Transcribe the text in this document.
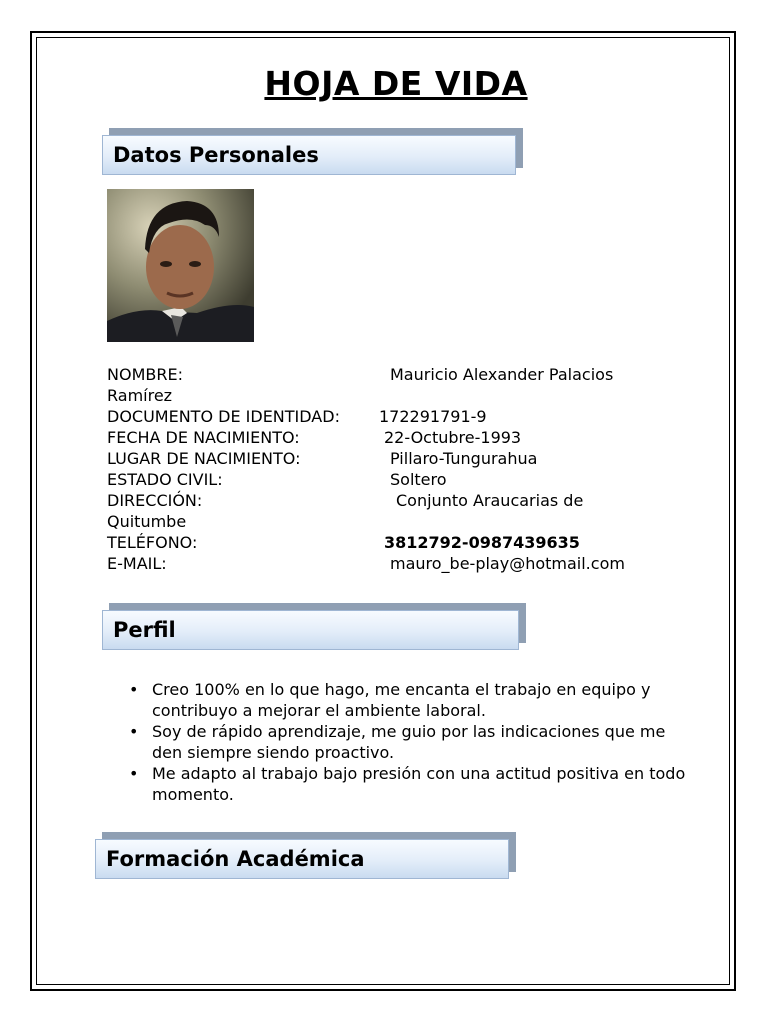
HOJA DE VIDA
Datos Personales
NOMBRE:	Mauricio Alexander Palacios
Ramírez
DOCUMENTO DE IDENTIDAD: 172291791-9
FECHA DE NACIMIENTO:	22-Octubre-1993
LUGAR DE NACIMIENTO:	Pillaro-Tungurahua
ESTADO CIVIL:	Soltero
DIRECCIÓN:	Conjunto Araucarias de
Quitumbe
TELÉFONO:	3812792-0987439635
E-MAIL:	mauro_be-play@hotmail.com
Perfil
• Creo 100% en lo que hago, me encanta el trabajo en equipo y contribuyo a mejorar el ambiente laboral.
• Soy de rápido aprendizaje, me guio por las indicaciones que me den siempre siendo proactivo.
• Me adapto al trabajo bajo presión con una actitud positiva en todo momento.
Formación Académica
